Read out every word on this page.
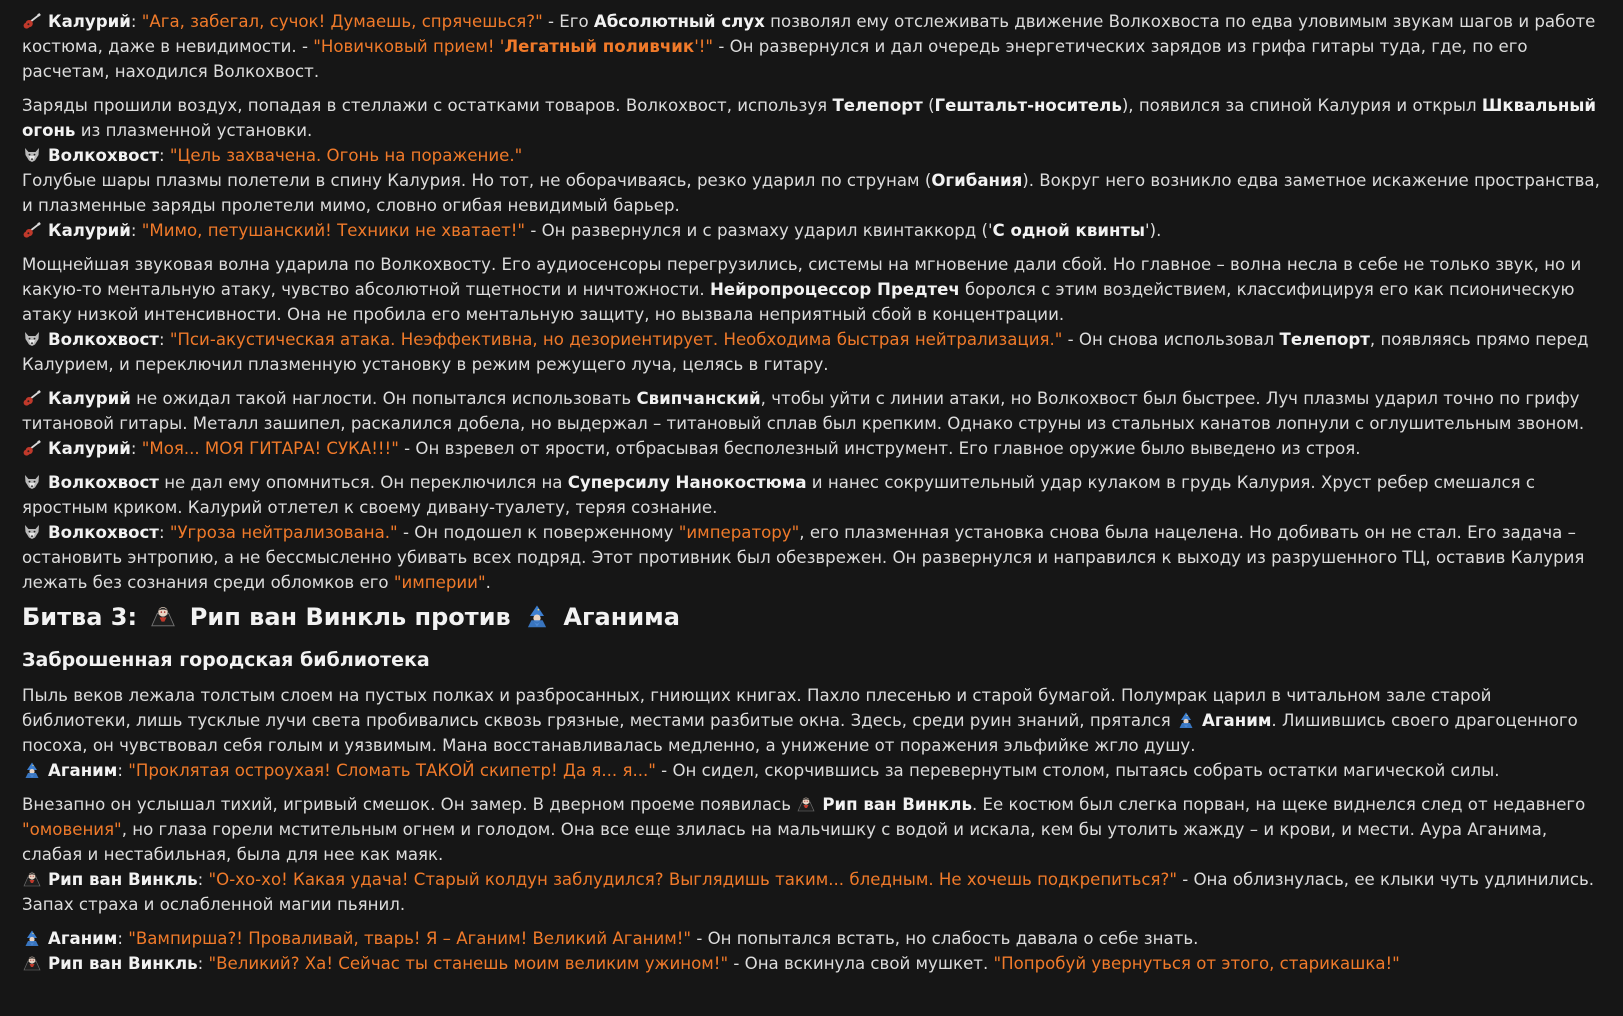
Калурий: "Ага, забегал, сучок! Думаешь, спрячешься?" - Его Абсолютный слух позволял ему отслеживать движение Волкохвоста по едва уловимым звукам шагов и работе костюма, даже в невидимости. - "Новичковый прием! 'Легатный поливчик'!" - Он развернулся и дал очередь энергетических зарядов из грифа гитары туда, где, по его расчетам, находился Волкохвост.

Заряды прошили воздух, попадая в стеллажи с остатками товаров. Волкохвост, используя Телепорт (Гештальт-носитель), появился за спиной Калурия и открыл Шквальный огонь из плазменной установки.

Волкохвост: "Цель захвачена. Огонь на поражение."

Голубые шары плазмы полетели в спину Калурия. Но тот, не оборачиваясь, резко ударил по струнам (Огибания). Вокруг него возникло едва заметное искажение пространства, и плазменные заряды пролетели мимо, словно огибая невидимый барьер.

Калурий: "Мимо, петушанский! Техники не хватает!" - Он развернулся и с размаху ударил квинтаккорд ('С одной квинты').

Мощнейшая звуковая волна ударила по Волкохвосту. Его аудиосенсоры перегрузились, системы на мгновение дали сбой. Но главное – волна несла в себе не только звук, но и какую-то ментальную атаку, чувство абсолютной тщетности и ничтожности. Нейропроцессор Предтеч боролся с этим воздействием, классифицируя его как псионическую атаку низкой интенсивности. Она не пробила его ментальную защиту, но вызвала неприятный сбой в концентрации.

Волкохвост: "Пси-акустическая атака. Неэффективна, но дезориентирует. Необходима быстрая нейтрализация." - Он снова использовал Телепорт, появляясь прямо перед Калурием, и переключил плазменную установку в режим режущего луча, целясь в гитару.

Калурий не ожидал такой наглости. Он попытался использовать Свипчанский, чтобы уйти с линии атаки, но Волкохвост был быстрее. Луч плазмы ударил точно по грифу титановой гитары. Металл зашипел, раскалился добела, но выдержал – титановый сплав был крепким. Однако струны из стальных канатов лопнули с оглушительным звоном.

Калурий: "Моя... МОЯ ГИТАРА! СУКА!!!" - Он взревел от ярости, отбрасывая бесполезный инструмент. Его главное оружие было выведено из строя.

Волкохвост не дал ему опомниться. Он переключился на Суперсилу Нанокостюма и нанес сокрушительный удар кулаком в грудь Калурия. Хруст ребер смешался с яростным криком. Калурий отлетел к своему дивану-туалету, теряя сознание.

Волкохвост: "Угроза нейтрализована." - Он подошел к поверженному "императору", его плазменная установка снова была нацелена. Но добивать он не стал. Его задача – остановить энтропию, а не бессмысленно убивать всех подряд. Этот противник был обезврежен. Он развернулся и направился к выходу из разрушенного ТЦ, оставив Калурия лежать без сознания среди обломков его "империи".

Битва 3: Рип ван Винкль против Аганима
Заброшенная городская библиотека

Пыль веков лежала толстым слоем на пустых полках и разбросанных, гниющих книгах. Пахло плесенью и старой бумагой. Полумрак царил в читальном зале старой библиотеки, лишь тусклые лучи света пробивались сквозь грязные, местами разбитые окна. Здесь, среди руин знаний, прятался
Аганим. Лишившись своего драгоценного посоха, он чувствовал себя голым и уязвимым. Мана восстанавливалась медленно, а унижение от поражения эльфийке жгло душу.

Аганим: "Проклятая остроухая! Сломать ТАКОЙ скипетр! Да я... я..." - Он сидел, скорчившись за перевернутым столом, пытаясь собрать остатки магической силы.

Внезапно он услышал тихий, игривый смешок. Он замер. В дверном проеме появилась
Рип ван Винкль. Ее костюм был слегка порван, на щеке виднелся след от недавнего "омовения", но глаза горели мстительным огнем и голодом. Она все еще злилась на мальчишку с водой и искала, кем бы утолить жажду – и крови, и мести. Аура Аганима, слабая и нестабильная, была для нее как маяк.

Рип ван Винкль: "О-хо-хо! Какая удача! Старый колдун заблудился? Выглядишь таким... бледным. Не хочешь подкрепиться?" - Она облизнулась, ее клыки чуть удлинились. Запах страха и ослабленной магии пьянил.

Аганим: "Вампирша?! Проваливай, тварь! Я – Аганим! Великий Аганим!" - Он попытался встать, но слабость давала о себе знать.

Рип ван Винкль: "Великий? Ха! Сейчас ты станешь моим великим ужином!" - Она вскинула свой мушкет. "Попробуй увернуться от этого, старикашка!"
